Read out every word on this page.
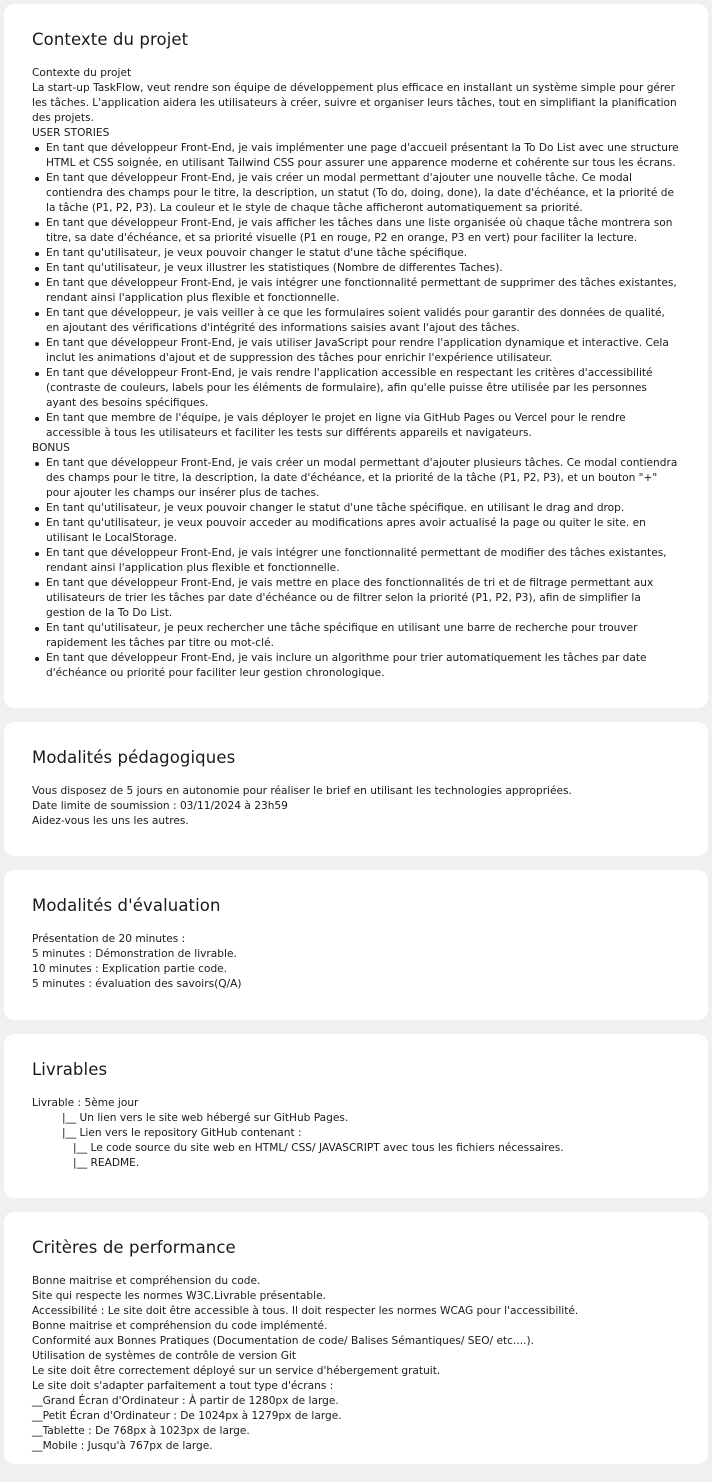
Contexte du projet
Contexte du projet
La start-up TaskFlow, veut rendre son équipe de développement plus efficace en installant un système simple pour gérer les tâches. L'application aidera les utilisateurs à créer, suivre et organiser leurs tâches, tout en simplifiant la planification des projets.
USER STORIES
En tant que développeur Front-End, je vais implémenter une page d'accueil présentant la To Do List avec une structure HTML et CSS soignée, en utilisant Tailwind CSS pour assurer une apparence moderne et cohérente sur tous les écrans.
En tant que développeur Front-End, je vais créer un modal permettant d'ajouter une nouvelle tâche. Ce modal contiendra des champs pour le titre, la description, un statut (To do, doing, done), la date d'échéance, et la priorité de la tâche (P1, P2, P3). La couleur et le style de chaque tâche afficheront automatiquement sa priorité.
En tant que développeur Front-End, je vais afficher les tâches dans une liste organisée où chaque tâche montrera son titre, sa date d'échéance, et sa priorité visuelle (P1 en rouge, P2 en orange, P3 en vert) pour faciliter la lecture.
En tant qu'utilisateur, je veux pouvoir changer le statut d'une tâche spécifique.
En tant qu'utilisateur, je veux illustrer les statistiques (Nombre de differentes Taches).
En tant que développeur Front-End, je vais intégrer une fonctionnalité permettant de supprimer des tâches existantes, rendant ainsi l'application plus flexible et fonctionnelle.
En tant que développeur, je vais veiller à ce que les formulaires soient validés pour garantir des données de qualité, en ajoutant des vérifications d'intégrité des informations saisies avant l'ajout des tâches.
En tant que développeur Front-End, je vais utiliser JavaScript pour rendre l'application dynamique et interactive. Cela inclut les animations d'ajout et de suppression des tâches pour enrichir l'expérience utilisateur.
En tant que développeur Front-End, je vais rendre l'application accessible en respectant les critères d'accessibilité (contraste de couleurs, labels pour les éléments de formulaire), afin qu'elle puisse être utilisée par les personnes ayant des besoins spécifiques.
En tant que membre de l'équipe, je vais déployer le projet en ligne via GitHub Pages ou Vercel pour le rendre accessible à tous les utilisateurs et faciliter les tests sur différents appareils et navigateurs.
BONUS
En tant que développeur Front-End, je vais créer un modal permettant d'ajouter plusieurs tâches. Ce modal contiendra des champs pour le titre, la description, la date d'échéance, et la priorité de la tâche (P1, P2, P3), et un bouton "+" pour ajouter les champs our insérer plus de taches.
En tant qu'utilisateur, je veux pouvoir changer le statut d'une tâche spécifique. en utilisant le drag and drop.
En tant qu'utilisateur, je veux pouvoir acceder au modifications apres avoir actualisé la page ou quiter le site. en utilisant le LocalStorage.
En tant que développeur Front-End, je vais intégrer une fonctionnalité permettant de modifier des tâches existantes, rendant ainsi l'application plus flexible et fonctionnelle.
En tant que développeur Front-End, je vais mettre en place des fonctionnalités de tri et de filtrage permettant aux utilisateurs de trier les tâches par date d'échéance ou de filtrer selon la priorité (P1, P2, P3), afin de simplifier la gestion de la To Do List.
En tant qu'utilisateur, je peux rechercher une tâche spécifique en utilisant une barre de recherche pour trouver rapidement les tâches par titre ou mot-clé.
En tant que développeur Front-End, je vais inclure un algorithme pour trier automatiquement les tâches par date d'échéance ou priorité pour faciliter leur gestion chronologique.
Modalités pédagogiques
Vous disposez de 5 jours en autonomie pour réaliser le brief en utilisant les technologies appropriées.
Date limite de soumission : 03/11/2024 à 23h59
Aidez-vous les uns les autres.
Modalités d'évaluation
Présentation de 20 minutes :
5 minutes : Démonstration de livrable.
10 minutes : Explication partie code.
5 minutes : évaluation des savoirs(Q/A)
Livrables
Livrable : 5ème jour
|__ Un lien vers le site web hébergé sur GitHub Pages.
|__ Lien vers le repository GitHub contenant :
|__ Le code source du site web en HTML/ CSS/ JAVASCRIPT avec tous les fichiers nécessaires.
|__ README.
Critères de performance
Bonne maitrise et compréhension du code.
Site qui respecte les normes W3C.Livrable présentable.
Accessibilité : Le site doit être accessible à tous. Il doit respecter les normes WCAG pour l'accessibilité.
Bonne maitrise et compréhension du code implémenté.
Conformité aux Bonnes Pratiques (Documentation de code/ Balises Sémantiques/ SEO/ etc....).
Utilisation de systèmes de contrôle de version Git
Le site doit être correctement déployé sur un service d'hébergement gratuit.
Le site doit s'adapter parfaitement a tout type d'écrans :
__Grand Écran d'Ordinateur : À partir de 1280px de large.
__Petit Écran d'Ordinateur : De 1024px à 1279px de large.
__Tablette : De 768px à 1023px de large.
__Mobile : Jusqu'à 767px de large.
